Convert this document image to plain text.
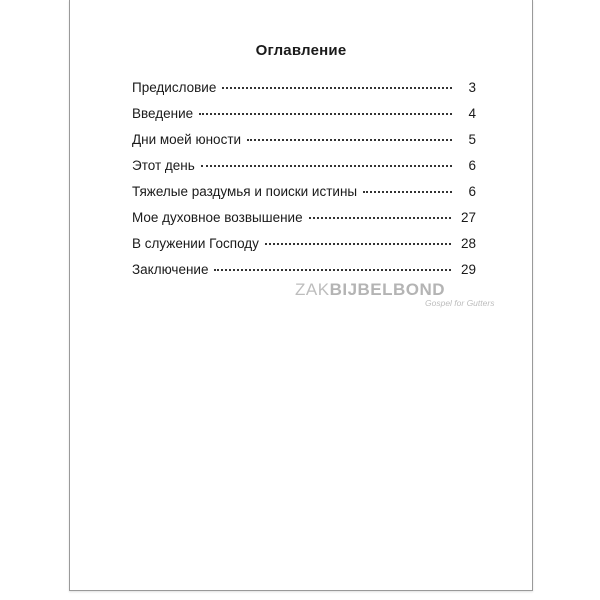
Оглавление
Предисловие	3
Введение	4
Дни моей юности	5
Этот день	6
Тяжелые раздумья и поиски истины	6
Мое духовное возвышение	27
В служении Господу	28
Заключение	29
ZAKBIJBELBOND
Gospel for Gutters
